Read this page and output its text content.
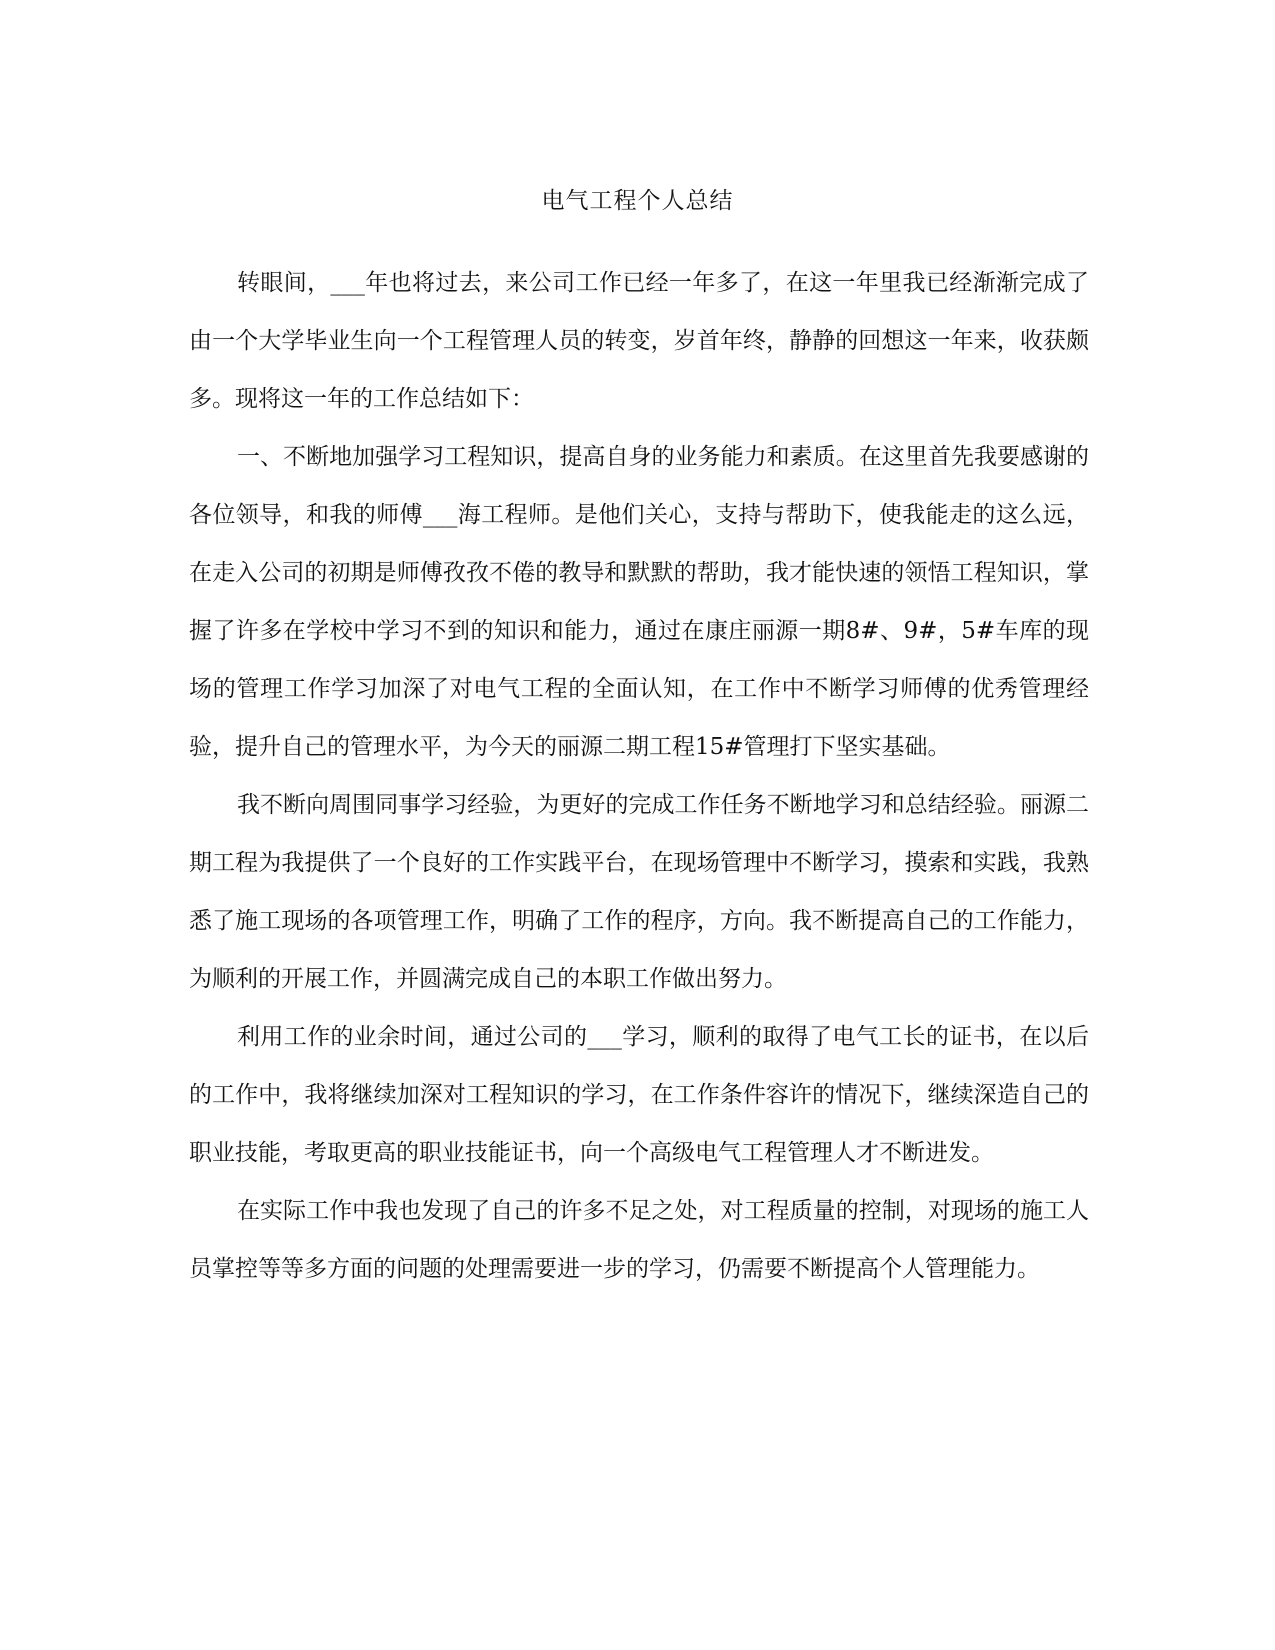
电气工程个人总结

转眼间，___年也将过去，来公司工作已经一年多了，在这一年里我已经渐渐完成了由一个大学毕业生向一个工程管理人员的转变，岁首年终，静静的回想这一年来，收获颇多。现将这一年的工作总结如下：

一、不断地加强学习工程知识，提高自身的业务能力和素质。在这里首先我要感谢的各位领导，和我的师傅___海工程师。是他们关心，支持与帮助下，使我能走的这么远，在走入公司的初期是师傅孜孜不倦的教导和默默的帮助，我才能快速的领悟工程知识，掌握了许多在学校中学习不到的知识和能力，通过在康庄丽源一期8#、9#，5#车库的现场的管理工作学习加深了对电气工程的全面认知，在工作中不断学习师傅的优秀管理经验，提升自己的管理水平，为今天的丽源二期工程15#管理打下坚实基础。

我不断向周围同事学习经验，为更好的完成工作任务不断地学习和总结经验。丽源二期工程为我提供了一个良好的工作实践平台，在现场管理中不断学习，摸索和实践，我熟悉了施工现场的各项管理工作，明确了工作的程序，方向。我不断提高自己的工作能力，为顺利的开展工作，并圆满完成自己的本职工作做出努力。

利用工作的业余时间，通过公司的___学习，顺利的取得了电气工长的证书，在以后的工作中，我将继续加深对工程知识的学习，在工作条件容许的情况下，继续深造自己的职业技能，考取更高的职业技能证书，向一个高级电气工程管理人才不断进发。

在实际工作中我也发现了自己的许多不足之处，对工程质量的控制，对现场的施工人员掌控等等多方面的问题的处理需要进一步的学习，仍需要不断提高个人管理能力。
